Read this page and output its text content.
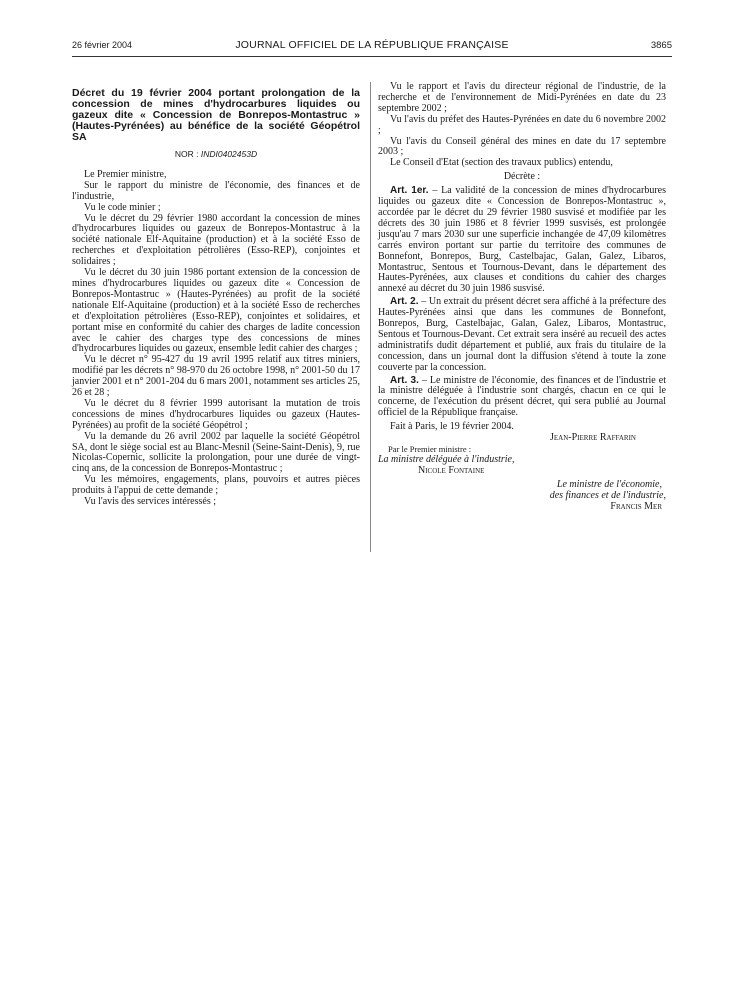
26 février 2004	JOURNAL OFFICIEL DE LA RÉPUBLIQUE FRANÇAISE	3865

Décret du 19 février 2004 portant prolongation de la concession de mines d'hydrocarbures liquides ou gazeux dite « Concession de Bonrepos-Montastruc » (Hautes-Pyrénées) au bénéfice de la société Géopétrol SA

NOR : INDI0402453D

Le Premier ministre,

Sur le rapport du ministre de l'économie, des finances et de l'industrie,

Vu le code minier ;

Vu le décret du 29 février 1980 accordant la concession de mines d'hydrocarbures liquides ou gazeux de Bonrepos-Montastruc à la société nationale Elf-Aquitaine (production) et à la société Esso de recherches et d'exploitation pétrolières (Esso-REP), conjointes et solidaires ;

Vu le décret du 30 juin 1986 portant extension de la concession de mines d'hydrocarbures liquides ou gazeux dite « Concession de Bonrepos-Montastruc » (Hautes-Pyrénées) au profit de la société nationale Elf-Aquitaine (production) et à la société Esso de recherches et d'exploitation pétrolières (Esso-REP), conjointes et solidaires, et portant mise en conformité du cahier des charges de ladite concession avec le cahier des charges type des concessions de mines d'hydrocarbures liquides ou gazeux, ensemble ledit cahier des charges ;

Vu le décret n° 95-427 du 19 avril 1995 relatif aux titres miniers, modifié par les décrets n° 98-970 du 26 octobre 1998, n° 2001-50 du 17 janvier 2001 et n° 2001-204 du 6 mars 2001, notamment ses articles 25, 26 et 28 ;

Vu le décret du 8 février 1999 autorisant la mutation de trois concessions de mines d'hydrocarbures liquides ou gazeux (Hautes-Pyrénées) au profit de la société Géopétrol ;

Vu la demande du 26 avril 2002 par laquelle la société Géopétrol SA, dont le siège social est au Blanc-Mesnil (Seine-Saint-Denis), 9, rue Nicolas-Copernic, sollicite la prolongation, pour une durée de vingt-cinq ans, de la concession de Bonrepos-Montastruc ;

Vu les mémoires, engagements, plans, pouvoirs et autres pièces produits à l'appui de cette demande ;

Vu l'avis des services intéressés ;

Vu le rapport et l'avis du directeur régional de l'industrie, de la recherche et de l'environnement de Midi-Pyrénées en date du 23 septembre 2002 ;

Vu l'avis du préfet des Hautes-Pyrénées en date du 6 novembre 2002 ;

Vu l'avis du Conseil général des mines en date du 17 septembre 2003 ;

Le Conseil d'Etat (section des travaux publics) entendu,

Décrète :

Art. 1er. – La validité de la concession de mines d'hydrocarbures liquides ou gazeux dite « Concession de Bonrepos-Montastruc », accordée par le décret du 29 février 1980 susvisé et modifiée par les décrets des 30 juin 1986 et 8 février 1999 susvisés, est prolongée jusqu'au 7 mars 2030 sur une superficie inchangée de 47,09 kilomètres carrés environ portant sur partie du territoire des communes de Bonnefont, Bonrepos, Burg, Castelbajac, Galan, Galez, Libaros, Montastruc, Sentous et Tournous-Devant, dans le département des Hautes-Pyrénées, aux clauses et conditions du cahier des charges annexé au décret du 30 juin 1986 susvisé.

Art. 2. – Un extrait du présent décret sera affiché à la préfecture des Hautes-Pyrénées ainsi que dans les communes de Bonnefont, Bonrepos, Burg, Castelbajac, Galan, Galez, Libaros, Montastruc, Sentous et Tournous-Devant. Cet extrait sera inséré au recueil des actes administratifs dudit département et publié, aux frais du titulaire de la concession, dans un journal dont la diffusion s'étend à toute la zone couverte par la concession.

Art. 3. – Le ministre de l'économie, des finances et de l'industrie et la ministre déléguée à l'industrie sont chargés, chacun en ce qui le concerne, de l'exécution du présent décret, qui sera publié au Journal officiel de la République française.

Fait à Paris, le 19 février 2004.

Jean-Pierre Raffarin

Par le Premier ministre :

La ministre déléguée à l'industrie,

Nicole Fontaine

Le ministre de l'économie,

des finances et de l'industrie,

Francis Mer
